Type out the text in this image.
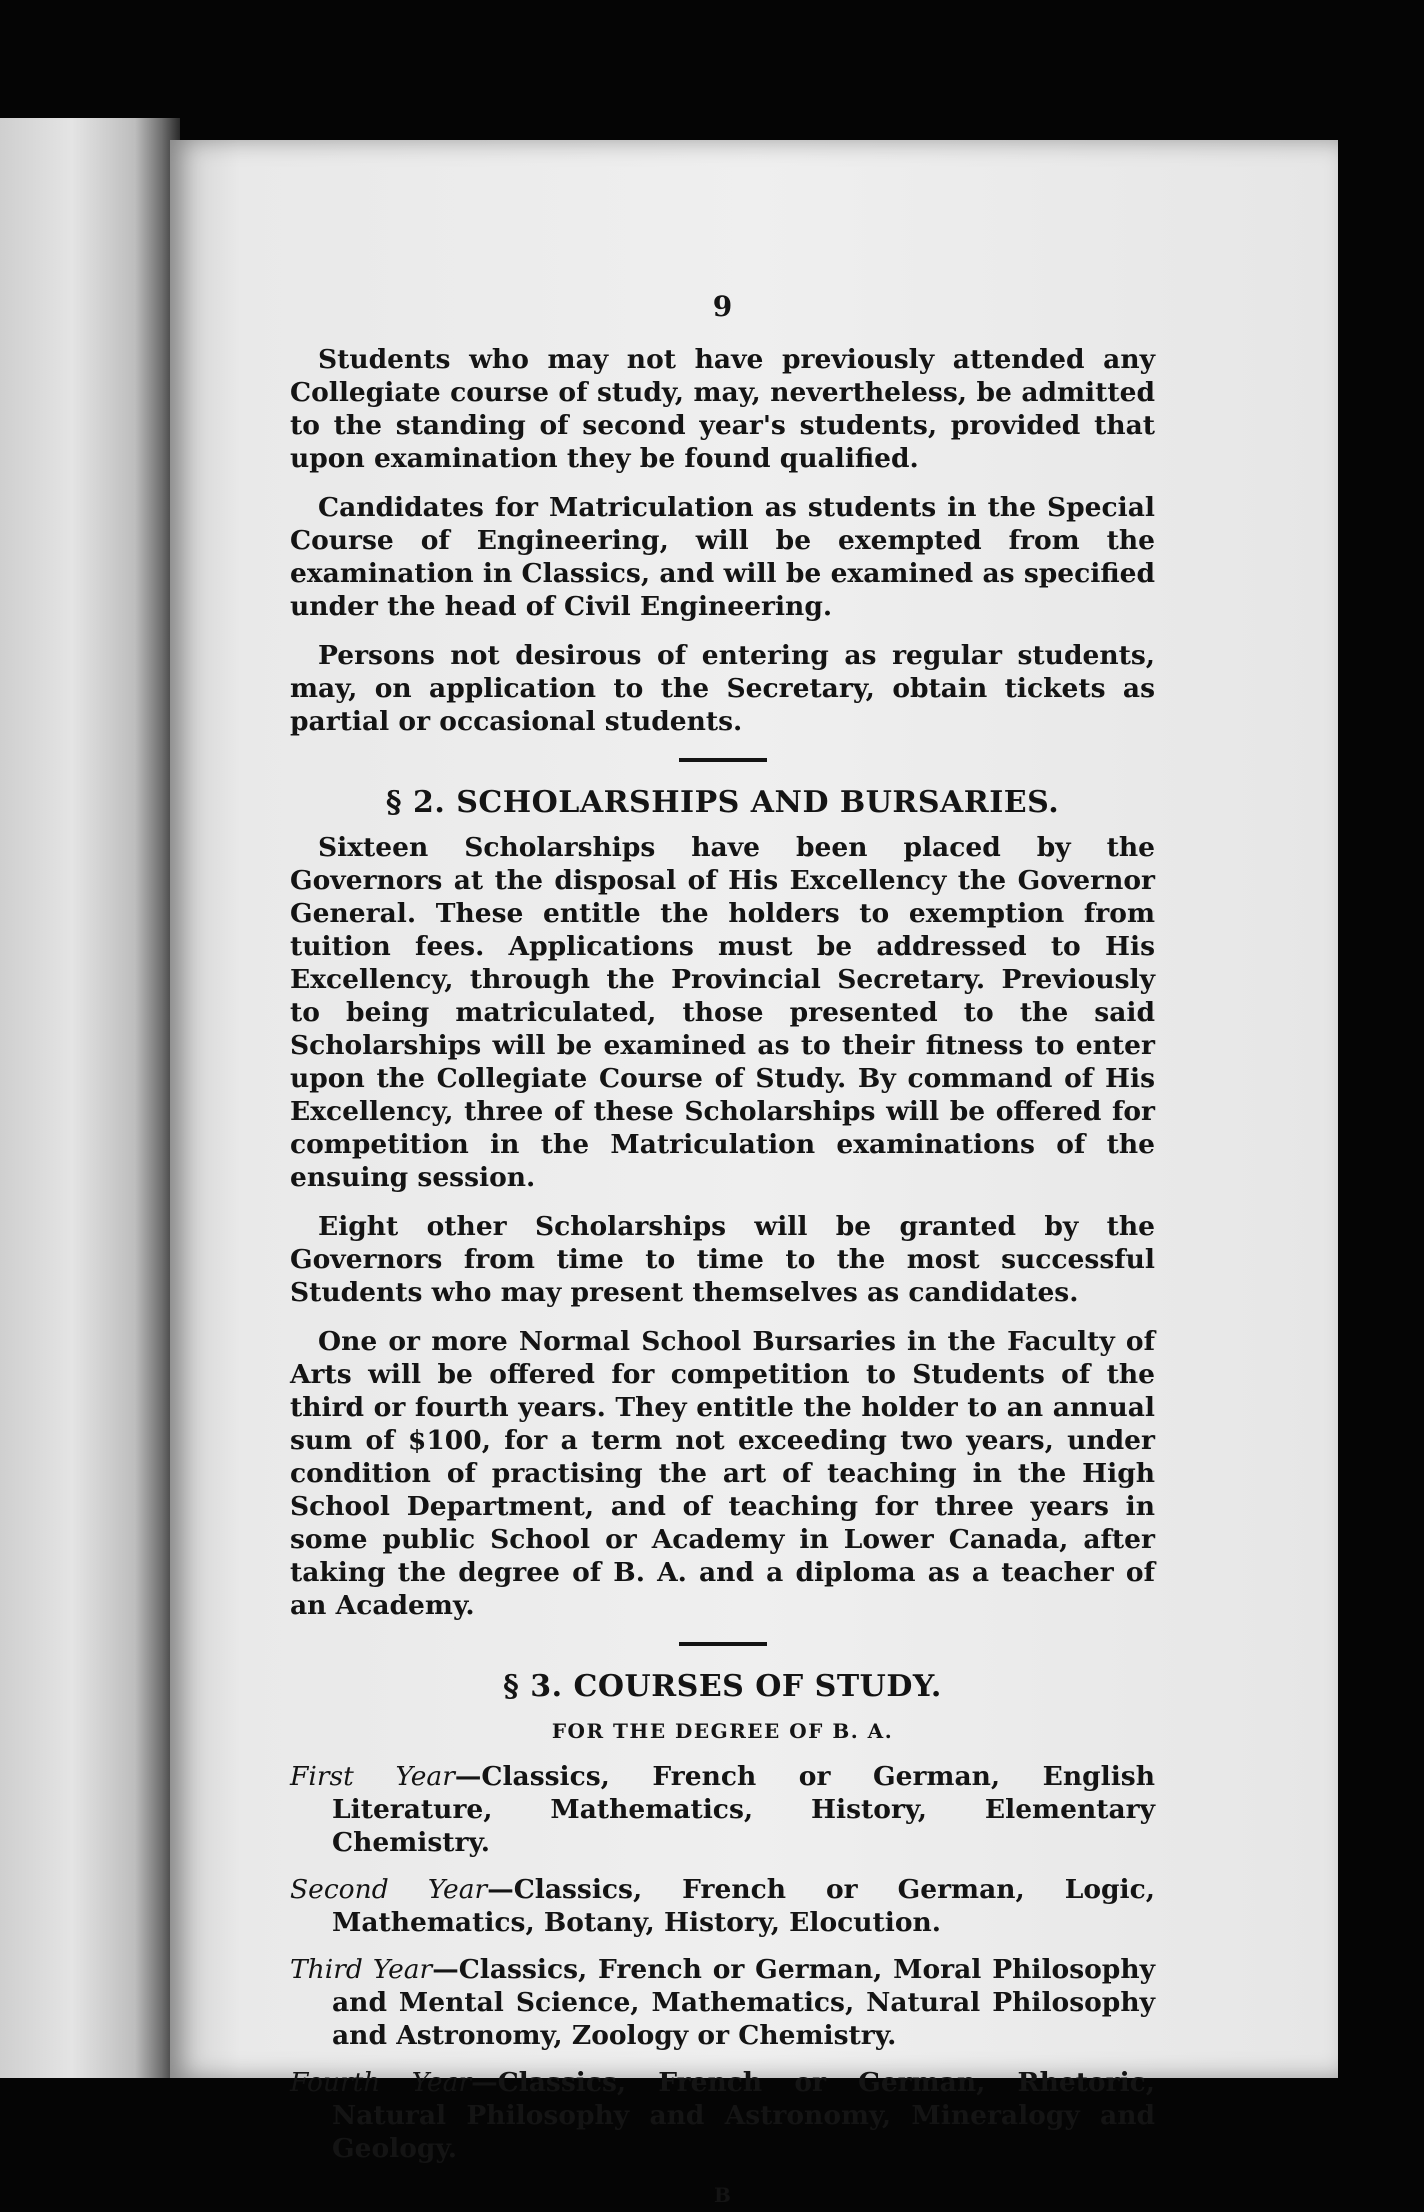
9

Students who may not have previously attended any Collegiate course of study, may, nevertheless, be admitted to the standing of second year's students, provided that upon examination they be found qualified.

Candidates for Matriculation as students in the Special Course of Engineering, will be exempted from the examination in Classics, and will be examined as specified under the head of Civil Engineering.

Persons not desirous of entering as regular students, may, on application to the Secretary, obtain tickets as partial or occasional students.

§ 2. SCHOLARSHIPS AND BURSARIES.

Sixteen Scholarships have been placed by the Governors at the disposal of His Excellency the Governor General. These entitle the holders to exemption from tuition fees. Applications must be addressed to His Excellency, through the Provincial Secretary. Previously to being matriculated, those presented to the said Scholarships will be examined as to their fitness to enter upon the Collegiate Course of Study. By command of His Excellency, three of these Scholarships will be offered for competition in the Matriculation examinations of the ensuing session.

Eight other Scholarships will be granted by the Governors from time to time to the most successful Students who may present themselves as candidates.

One or more Normal School Bursaries in the Faculty of Arts will be offered for competition to Students of the third or fourth years. They entitle the holder to an annual sum of $100, for a term not exceeding two years, under condition of practising the art of teaching in the High School Department, and of teaching for three years in some public School or Academy in Lower Canada, after taking the degree of B. A. and a diploma as a teacher of an Academy.

§ 3. COURSES OF STUDY.
FOR THE DEGREE OF B. A.
First Year—Classics, French or German, English Literature, Mathematics, History, Elementary Chemistry.
Second Year—Classics, French or German, Logic, Mathematics, Botany, History, Elocution.
Third Year—Classics, French or German, Moral Philosophy and Mental Science, Mathematics, Natural Philosophy and Astronomy, Zoology or Chemistry.
Fourth Year—Classics, French or German, Rhetoric, Natural Philosophy and Astronomy, Mineralogy and Geology.
B
